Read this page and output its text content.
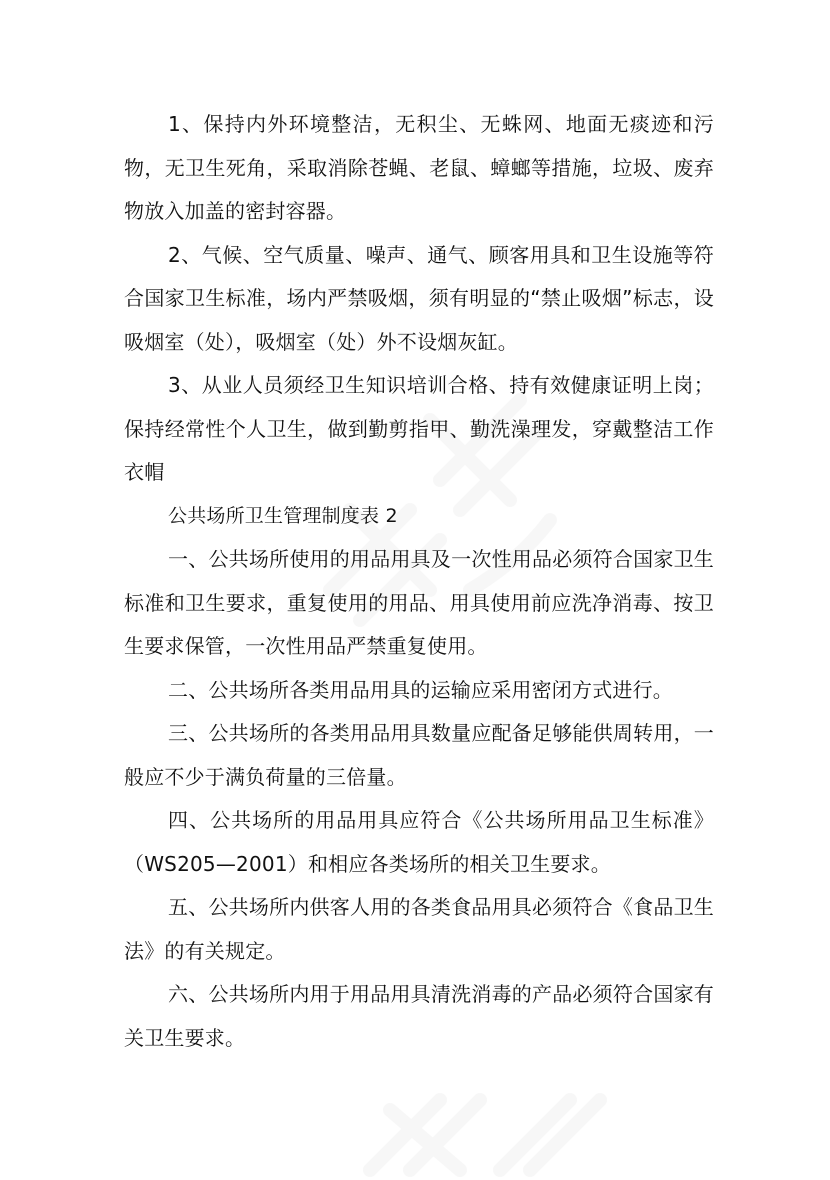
1、保持内外环境整洁，无积尘、无蛛网、地面无痰迹和污物，无卫生死角，采取消除苍蝇、老鼠、蟑螂等措施，垃圾、废弃物放入加盖的密封容器。

2、气候、空气质量、噪声、通气、顾客用具和卫生设施等符合国家卫生标准，场内严禁吸烟，须有明显的“禁止吸烟”标志，设吸烟室（处），吸烟室（处）外不设烟灰缸。

3、从业人员须经卫生知识培训合格、持有效健康证明上岗；保持经常性个人卫生，做到勤剪指甲、勤洗澡理发，穿戴整洁工作衣帽

公共场所卫生管理制度表 2

一、公共场所使用的用品用具及一次性用品必须符合国家卫生标准和卫生要求，重复使用的用品、用具使用前应洗净消毒、按卫生要求保管，一次性用品严禁重复使用。

二、公共场所各类用品用具的运输应采用密闭方式进行。

三、公共场所的各类用品用具数量应配备足够能供周转用，一般应不少于满负荷量的三倍量。

四、公共场所的用品用具应符合《公共场所用品卫生标准》（WS205—2001）和相应各类场所的相关卫生要求。

五、公共场所内供客人用的各类食品用具必须符合《食品卫生法》的有关规定。

六、公共场所内用于用品用具清洗消毒的产品必须符合国家有关卫生要求。
